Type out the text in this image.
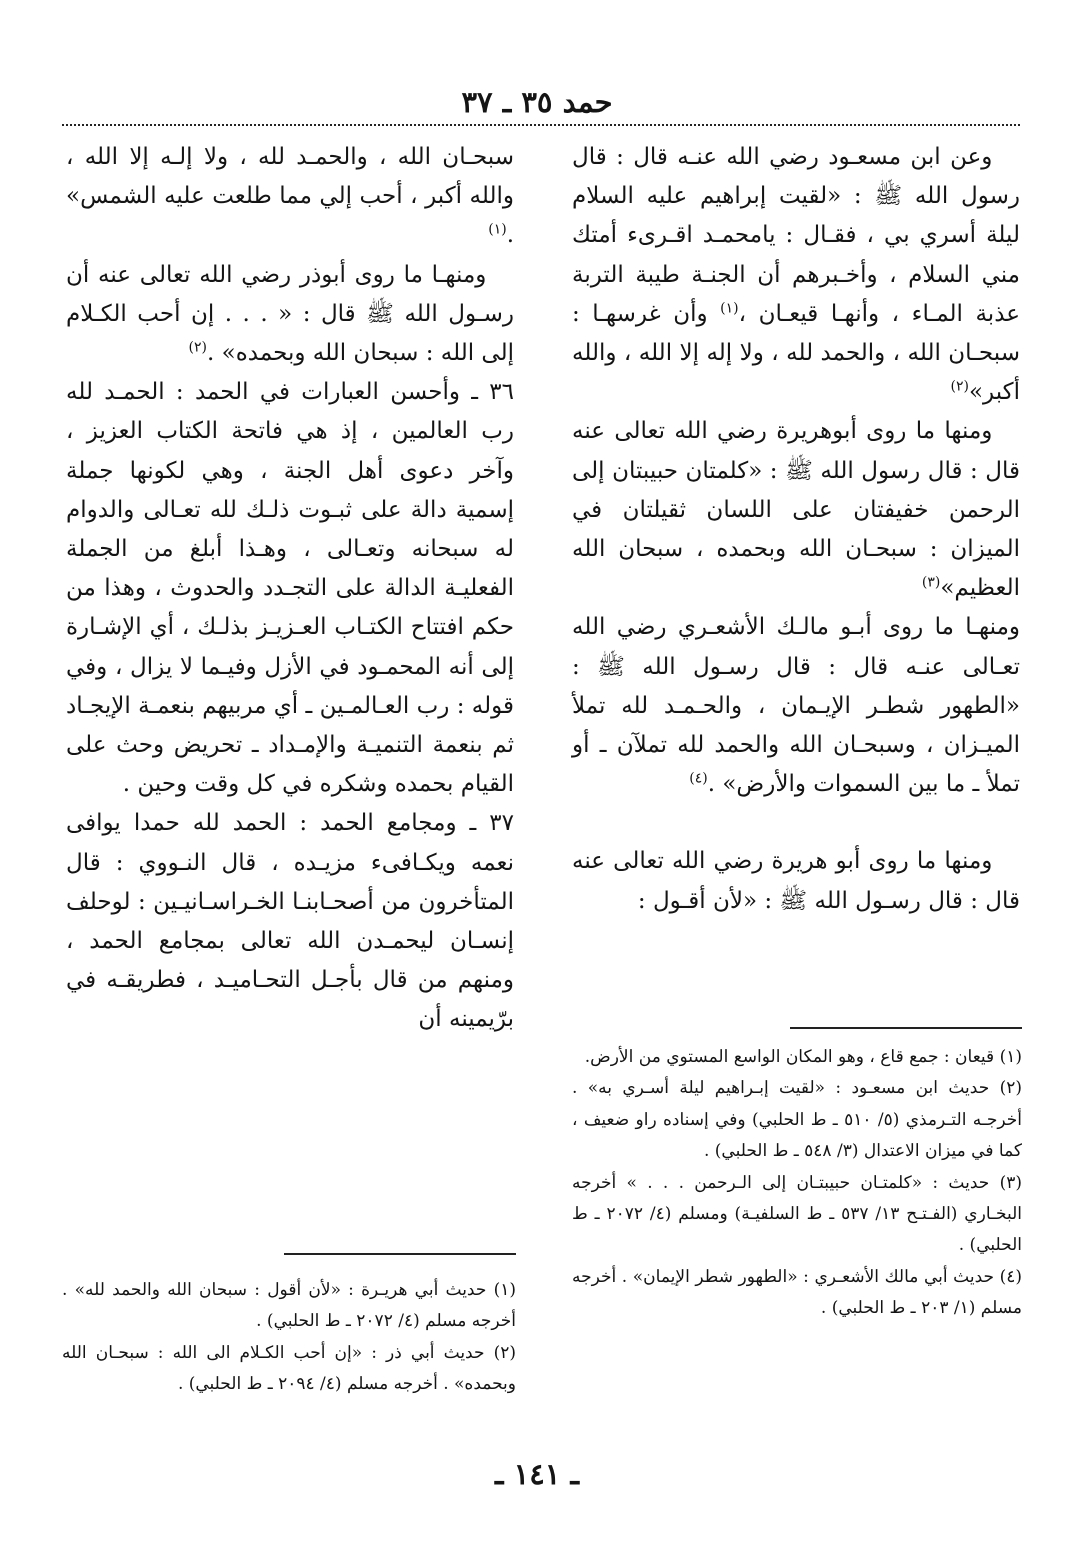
حمد ٣٥ ـ ٣٧

وعن ابن مسعـود رضي الله عنـه قال : قال رسول الله ﷺ : «لقيت إبراهيم عليه السلام ليلة أسري بي ، فقـال : يامحمـد اقـرىء أمتك مني السلام ، وأخـبرهم أن الجنـة طيبة التربة عذبة المـاء ، وأنهـا قيعـان ،$^{(١)}$ وأن غرسهـا : سبحـان الله ، والحمد لله ، ولا إله إلا الله ، والله أكبر»$^{(٢)}$

ومنها ما روى أبوهريرة رضي الله تعالى عنه قال : قال رسول الله ﷺ : «كلمتان حبيبتان إلى الرحمن خفيفتان على اللسان ثقيلتان في الميزان : سبحـان الله وبحمده ، سبحان الله العظيم»$^{(٣)}$

ومنهـا ما روى أبـو مالـك الأشعـري رضي الله تعـالى عنـه قال : قال رسـول الله ﷺ : «الطهور شطـر الإيـمان ، والحـمـد لله تملأ الميـزان ، وسبحـان الله والحمد لله تملآن ـ أو تملأ ـ ما بين السموات والأرض» .$^{(٤)}$

ومنها ما روى أبو هريرة رضي الله تعالى عنه قال : قال رسـول الله ﷺ : «لأن أقـول :

سبحـان الله ، والحمـد لله ، ولا إلـه إلا الله ، والله أكبر ، أحب إلي مما طلعت عليه الشمس» .$^{(١)}$

ومنهـا ما روى أبوذر رضي الله تعالى عنه أن رسـول الله ﷺ قال : « . . . إن أحب الكـلام إلى الله : سبحان الله وبحمده» .$^{(٢)}$

٣٦ ـ وأحسن العبارات في الحمد : الحمـد لله رب العالمين ، إذ هي فاتحة الكتاب العزيز ، وآخر دعوى أهل الجنة ، وهي لكونها جملة إسمية دالة على ثبـوت ذلـك لله تعـالى والدوام له سبحانه وتعـالى ، وهـذا أبلغ من الجملة الفعليـة الدالة على التجـدد والحدوث ، وهذا من حكم افتتاح الكتـاب العـزيـز بذلـك ، أي الإشـارة إلى أنه المحمـود في الأزل وفيـما لا يزال ، وفي قوله : رب العـالمـين ـ أي مربيهم بنعمـة الإيجـاد ثم بنعمة التنميـة والإمـداد ـ تحريض وحث على القيام بحمده وشكره في كل وقت وحين .

٣٧ ـ ومجامع الحمد : الحمد لله حمدا يوافى نعمه ويكـافىء مزيـده ، قال النـووي : قال المتأخرون من أصحـابنـا الخـراسـانيـين : لوحلف إنسـان ليحمـدن الله تعالى بمجامع الحمد ، ومنهم من قال بأجـل التحـاميـد ، فطريقـه في برّيمينه أن

(١) قيعان : جمع قاع ، وهو المكان الواسع المستوي من الأرض.

(٢) حديث ابن مسعـود : «لقيت إبـراهيم ليلة أسـري به» . أخرجـه التـرمذي (٥/ ٥١٠ ـ ط الحلبي) وفي إسناده راو ضعيف ، كما في ميزان الاعتدال (٣/ ٥٤٨ ـ ط الحلبي) .

(٣) حديث : «كلمتـان حبيبتـان إلى الـرحمن . . . » أخرجه البخـاري (الفـتـح ١٣/ ٥٣٧ ـ ط السلفيـة) ومسلم (٤/ ٢٠٧٢ ـ ط الحلبي) .

(٤) حديث أبي مالك الأشعـري : «الطهور شطر الإيمان» . أخرجه مسلم (١/ ٢٠٣ ـ ط الحلبي) .

(١) حديث أبي هريـرة : «لأن أقول : سبحان الله والحمد لله» . أخرجه مسلم (٤/ ٢٠٧٢ ـ ط الحلبي) .

(٢) حديث أبي ذر : «إن أحب الكـلام الى الله : سبحـان الله وبحمده» . أخرجه مسلم (٤/ ٢٠٩٤ ـ ط الحلبي) .

ـ ١٤١ ـ
